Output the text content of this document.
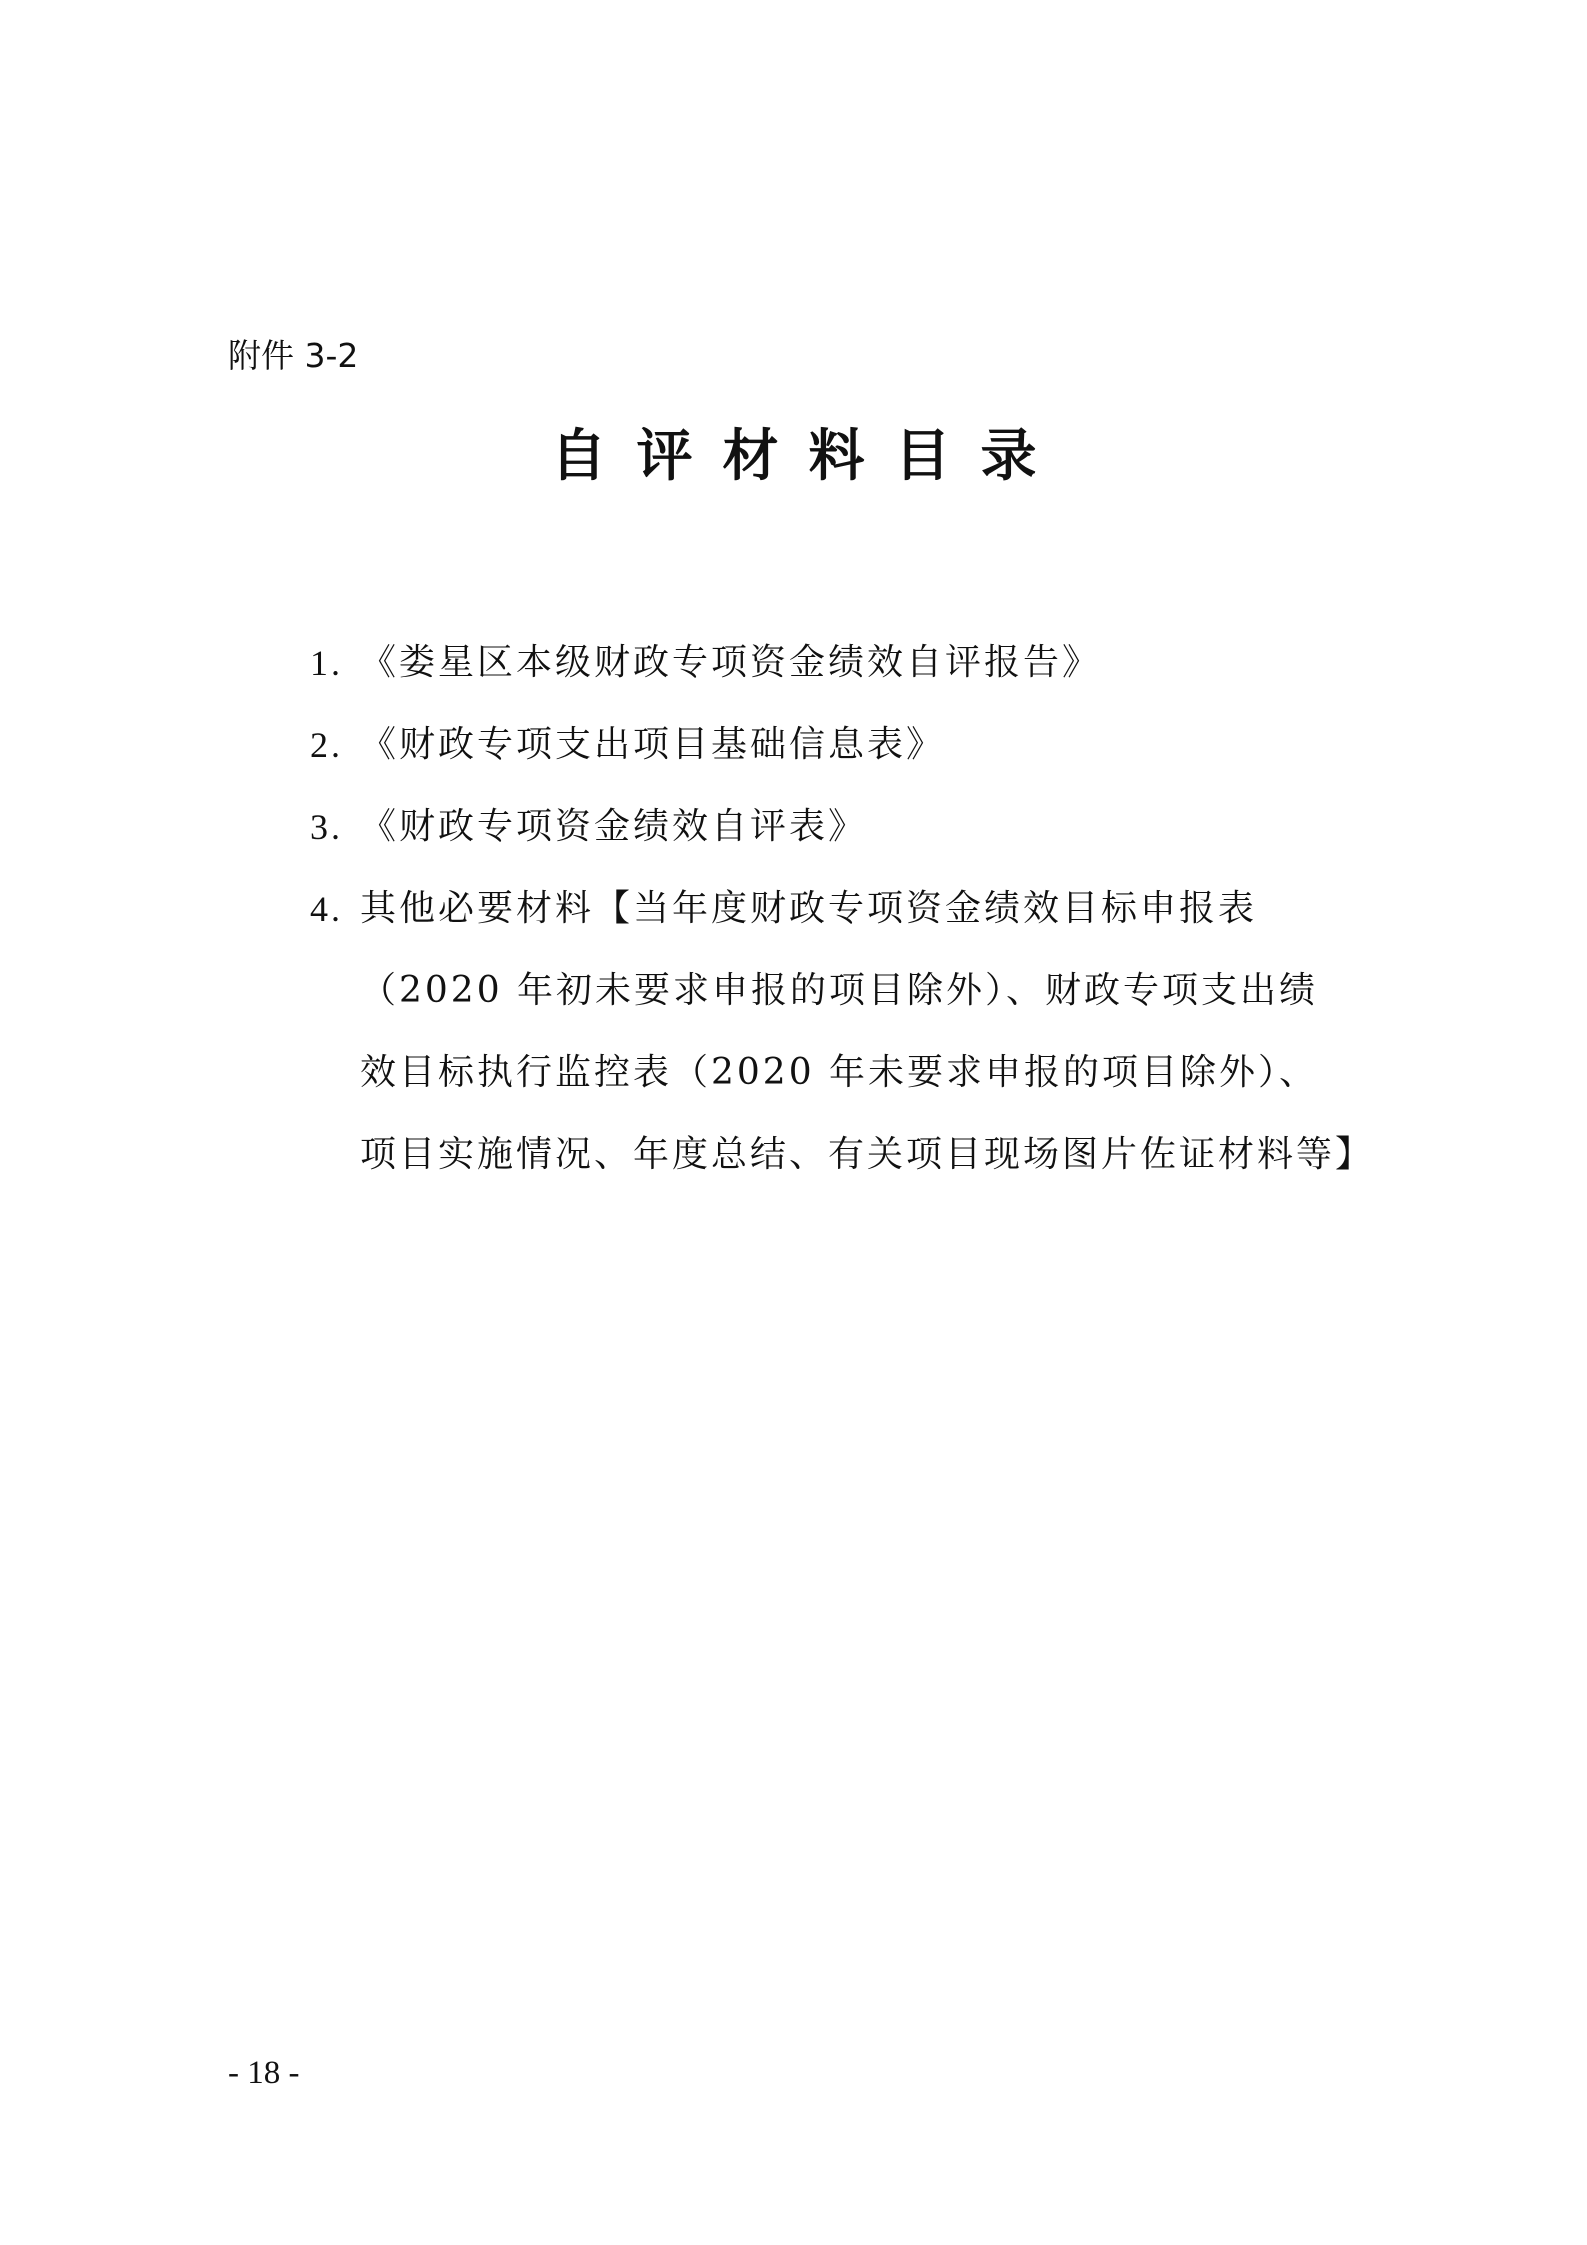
附件 3-2
自评材料目录
1. 《娄星区本级财政专项资金绩效自评报告》
2. 《财政专项支出项目基础信息表》
3. 《财政专项资金绩效自评表》
4. 其他必要材料【当年度财政专项资金绩效目标申报表
（2020 年初未要求申报的项目除外）、财政专项支出绩
效目标执行监控表（2020 年未要求申报的项目除外）、
项目实施情况、年度总结、有关项目现场图片佐证材料等】
- 18 -
